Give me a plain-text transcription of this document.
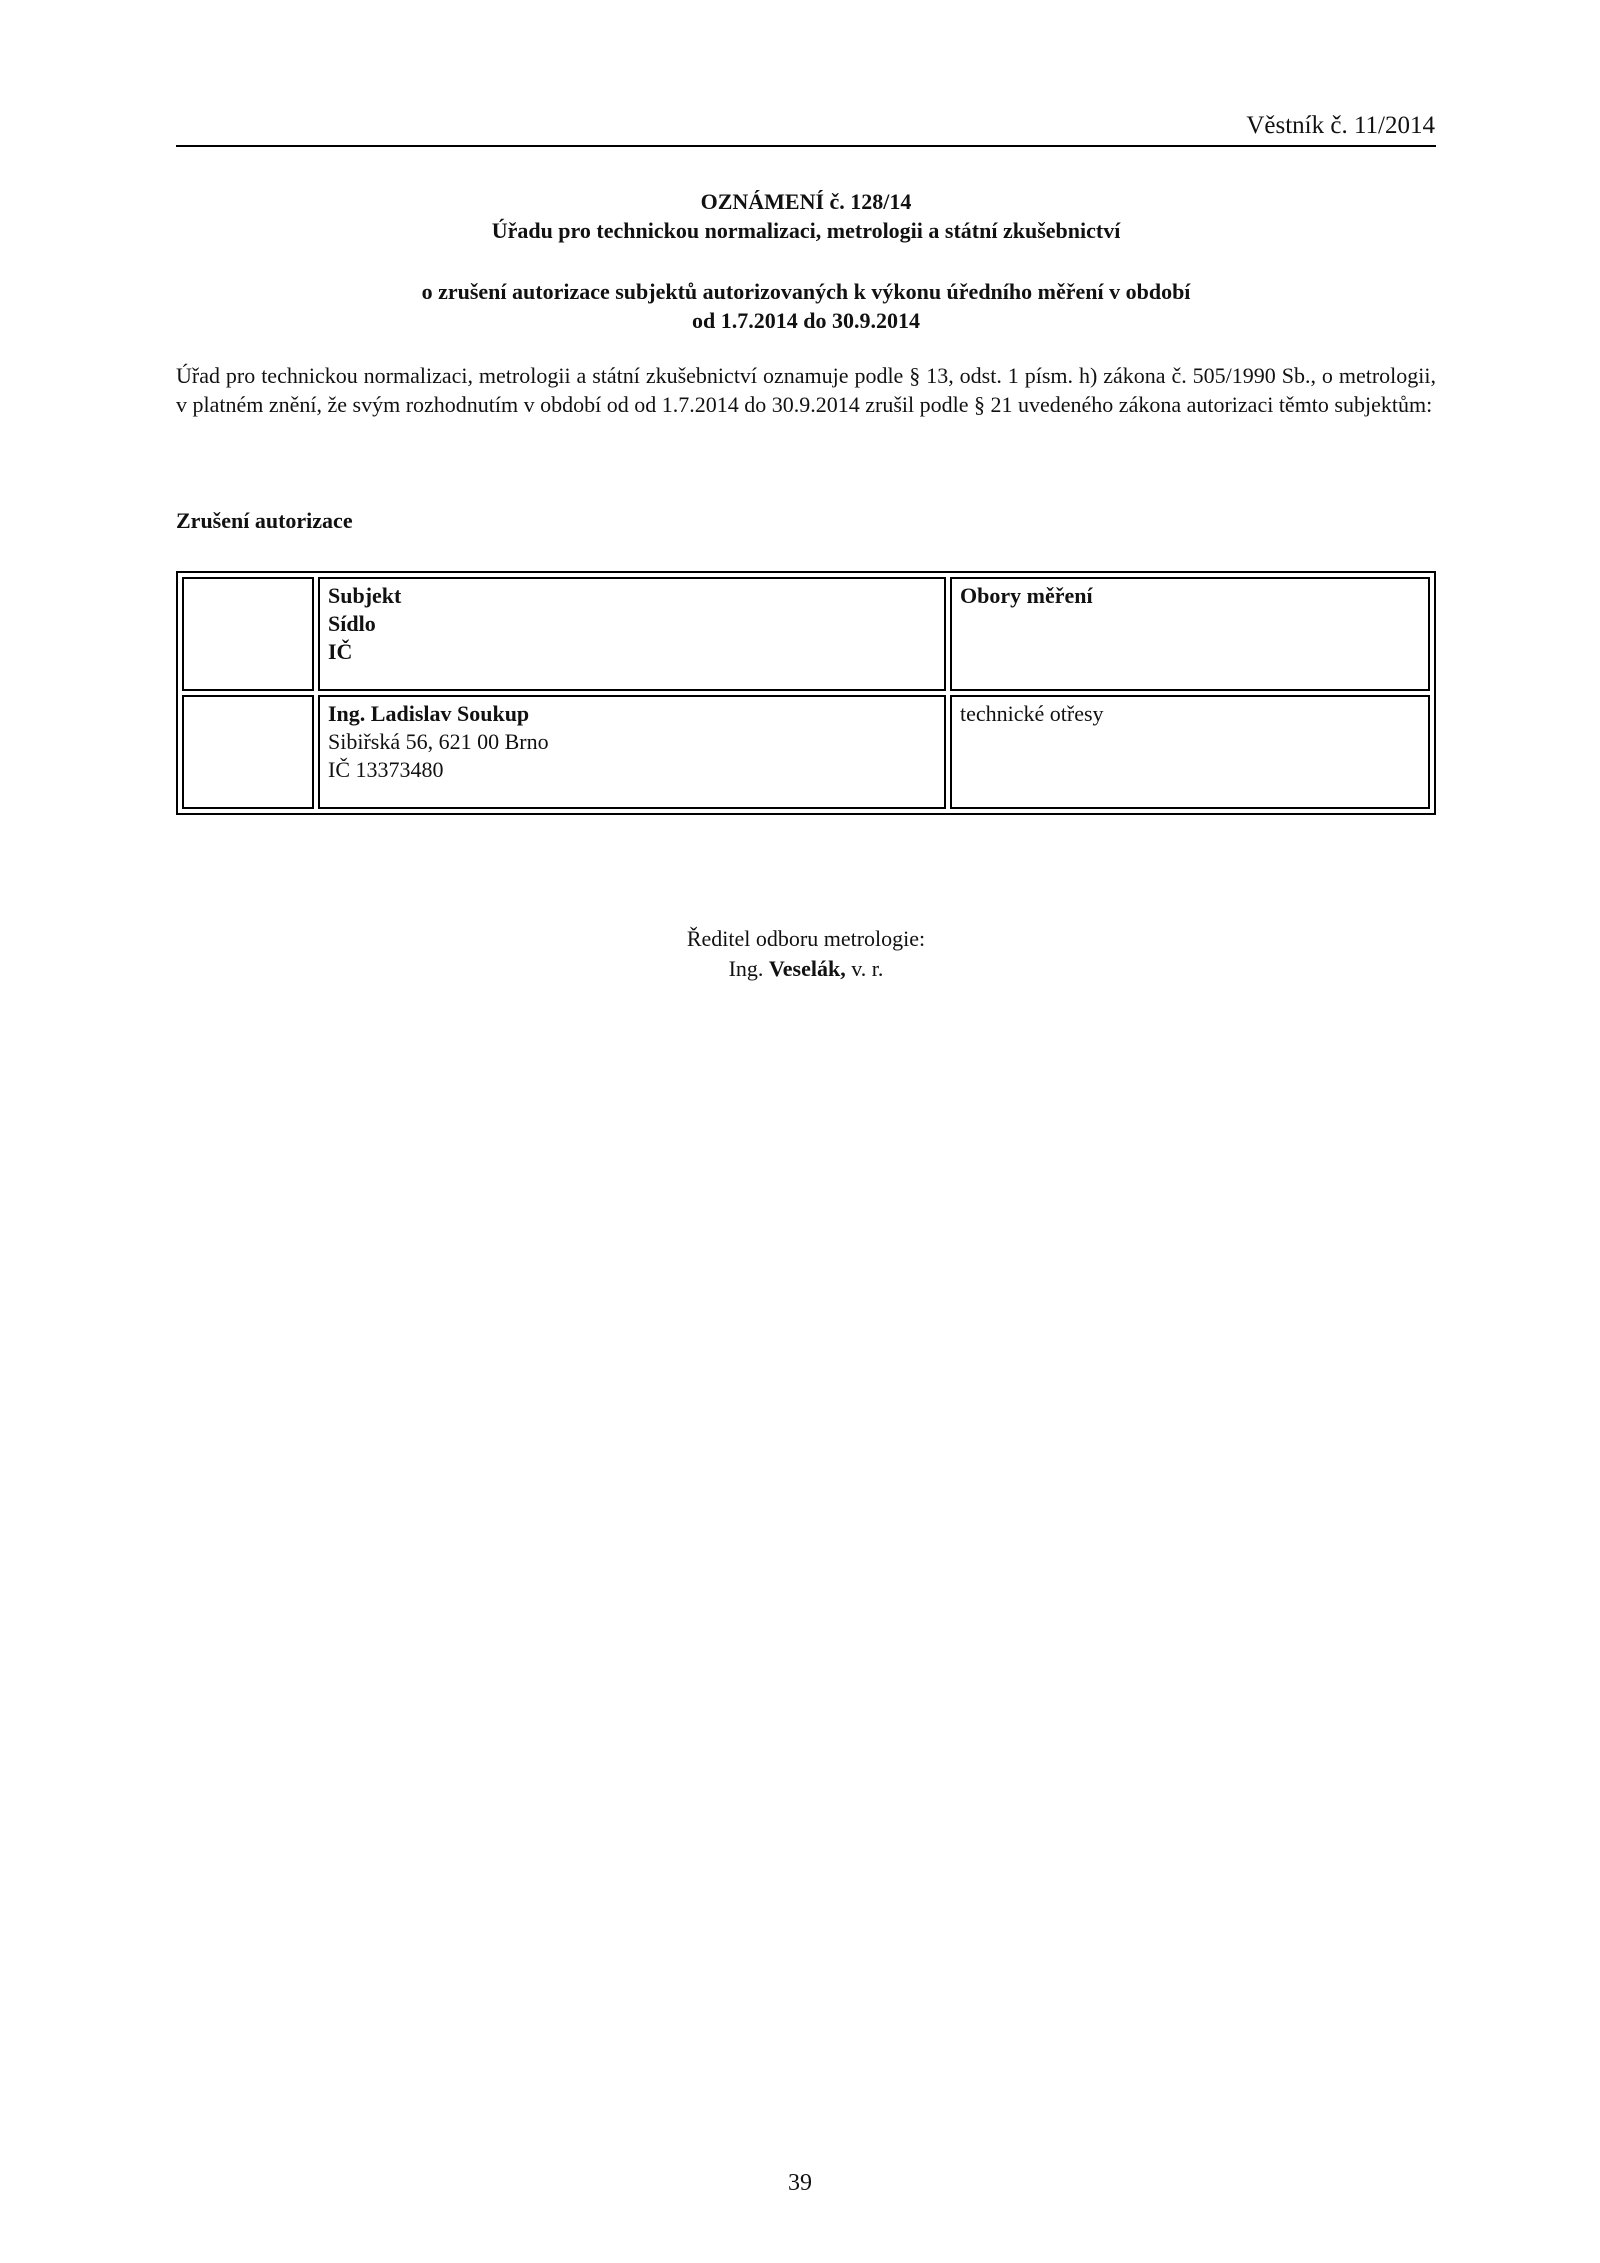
Věstník č. 11/2014
OZNÁMENÍ č. 128/14
Úřadu pro technickou normalizaci, metrologii a státní zkušebnictví
o zrušení autorizace subjektů autorizovaných k výkonu úředního měření v období
od 1.7.2014 do 30.9.2014
Úřad pro technickou normalizaci, metrologii a státní zkušebnictví oznamuje podle § 13, odst. 1 písm. h) zákona č. 505/1990 Sb., o metrologii, v platném znění, že svým rozhodnutím v období od od 1.7.2014 do 30.9.2014 zrušil podle § 21 uvedeného zákona autorizaci těmto subjektům:
Zrušení autorizace

	Subjekt
Sídlo
IČ	Obory měření

	Ing. Ladislav Soukup
Sibiřská 56, 621 00 Brno
IČ 13373480	technické otřesy
Ředitel odboru metrologie:
Ing. Veselák, v. r.
39
